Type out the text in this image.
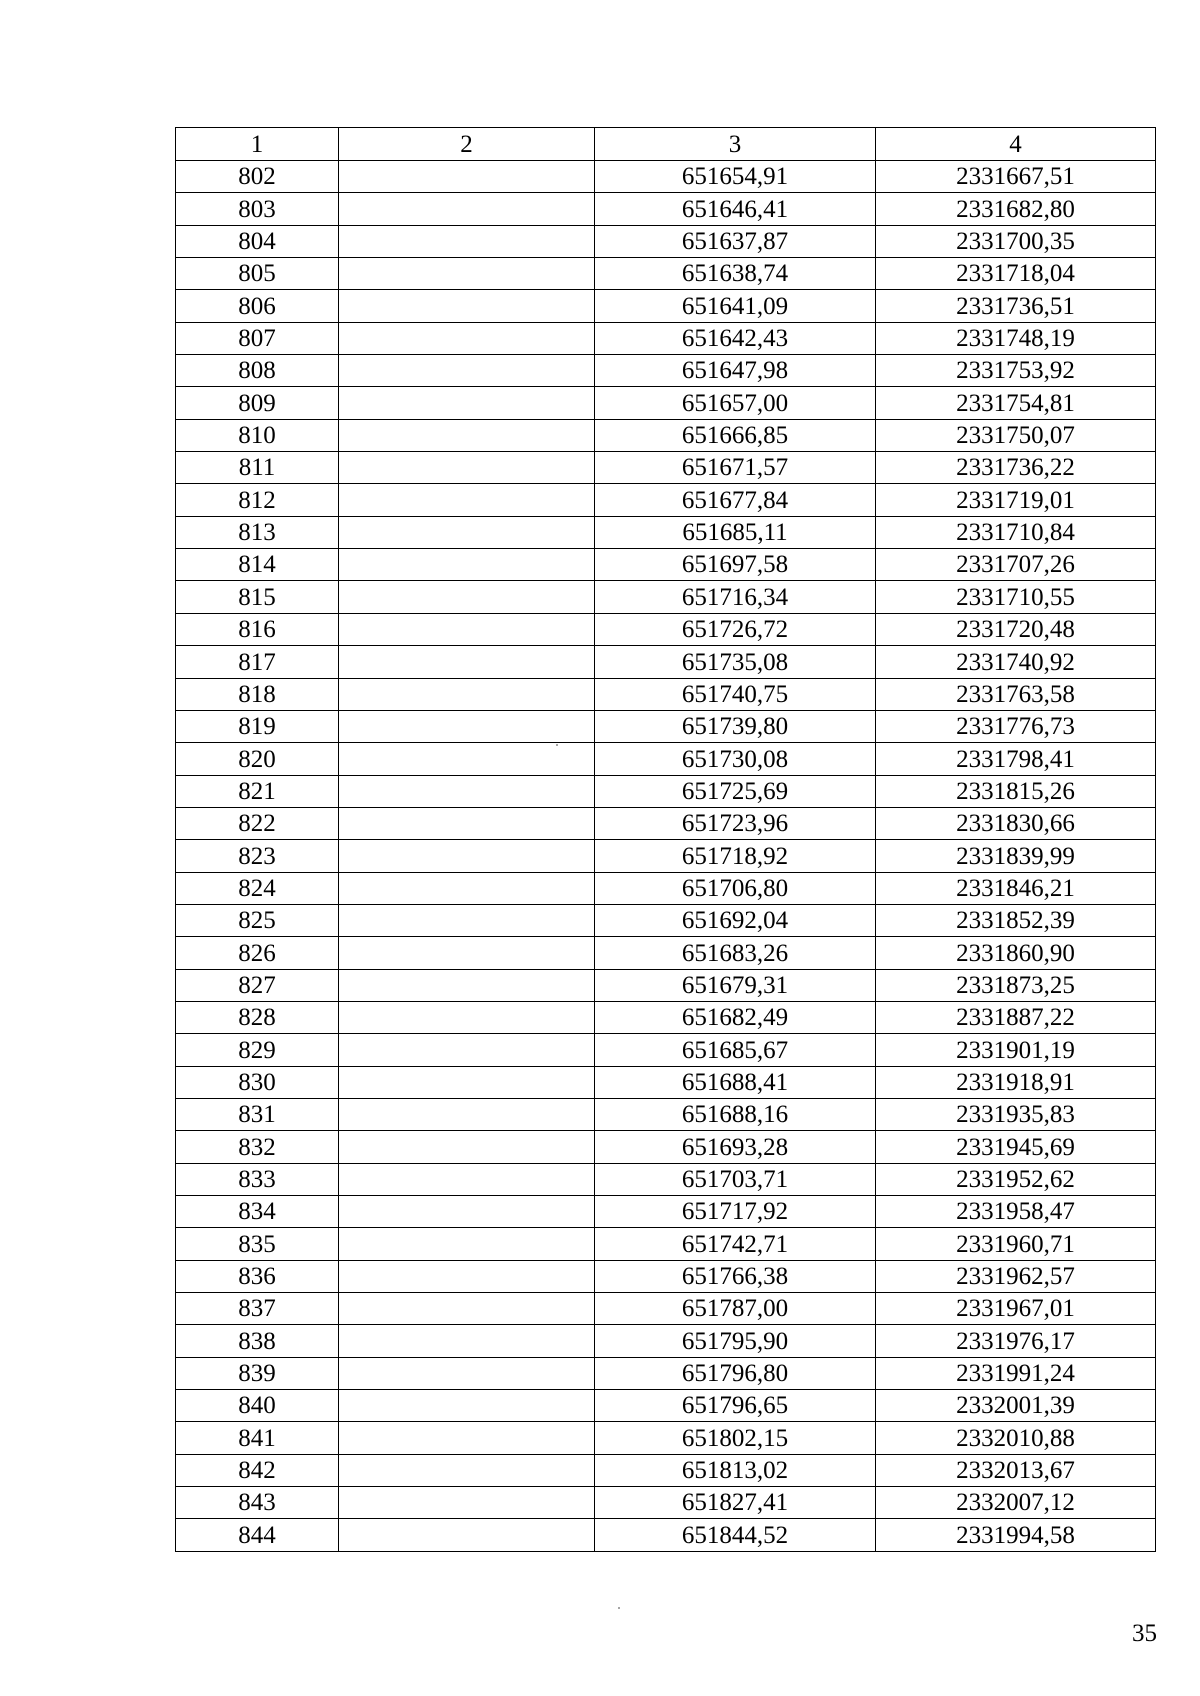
1	2	3	4
802		651654,91	2331667,51
803		651646,41	2331682,80
804		651637,87	2331700,35
805		651638,74	2331718,04
806		651641,09	2331736,51
807		651642,43	2331748,19
808		651647,98	2331753,92
809		651657,00	2331754,81
810		651666,85	2331750,07
811		651671,57	2331736,22
812		651677,84	2331719,01
813		651685,11	2331710,84
814		651697,58	2331707,26
815		651716,34	2331710,55
816		651726,72	2331720,48
817		651735,08	2331740,92
818		651740,75	2331763,58
819		651739,80	2331776,73
820		651730,08	2331798,41
821		651725,69	2331815,26
822		651723,96	2331830,66
823		651718,92	2331839,99
824		651706,80	2331846,21
825		651692,04	2331852,39
826		651683,26	2331860,90
827		651679,31	2331873,25
828		651682,49	2331887,22
829		651685,67	2331901,19
830		651688,41	2331918,91
831		651688,16	2331935,83
832		651693,28	2331945,69
833		651703,71	2331952,62
834		651717,92	2331958,47
835		651742,71	2331960,71
836		651766,38	2331962,57
837		651787,00	2331967,01
838		651795,90	2331976,17
839		651796,80	2331991,24
840		651796,65	2332001,39
841		651802,15	2332010,88
842		651813,02	2332013,67
843		651827,41	2332007,12
844		651844,52	2331994,58
35
